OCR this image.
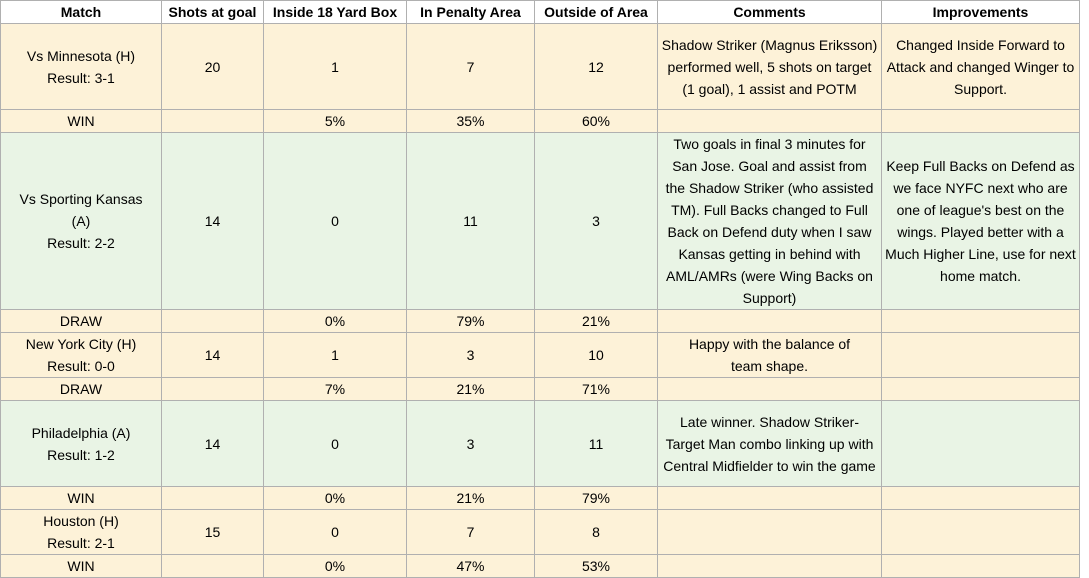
Match	Shots at goal	Inside 18 Yard Box	In Penalty Area	Outside of Area	Comments	Improvements

Vs Minnesota (H)
Result: 3-1	20	1	7	12	Shadow Striker (Magnus Eriksson) performed well, 5 shots on target (1 goal), 1 assist and POTM	Changed Inside Forward to Attack and changed Winger to Support.
WIN		5%	35%	60%		

Vs Sporting Kansas (A)
Result: 2-2	14	0	11	3	Two goals in final 3 minutes for San Jose. Goal and assist from the Shadow Striker (who assisted TM). Full Backs changed to Full Back on Defend duty when I saw Kansas getting in behind with AML/AMRs (were Wing Backs on Support)	Keep Full Backs on Defend as we face NYFC next who are one of league's best on the wings. Played better with a Much Higher Line, use for next home match.
DRAW		0%	79%	21%		

New York City (H)
Result: 0-0	14	1	3	10	Happy with the balance of team shape.	
DRAW		7%	21%	71%		

Philadelphia (A)
Result: 1-2	14	0	3	11	Late winner. Shadow Striker-Target Man combo linking up with Central Midfielder to win the game	
WIN		0%	21%	79%		

Houston (H)
Result: 2-1	15	0	7	8		
WIN		0%	47%	53%		
